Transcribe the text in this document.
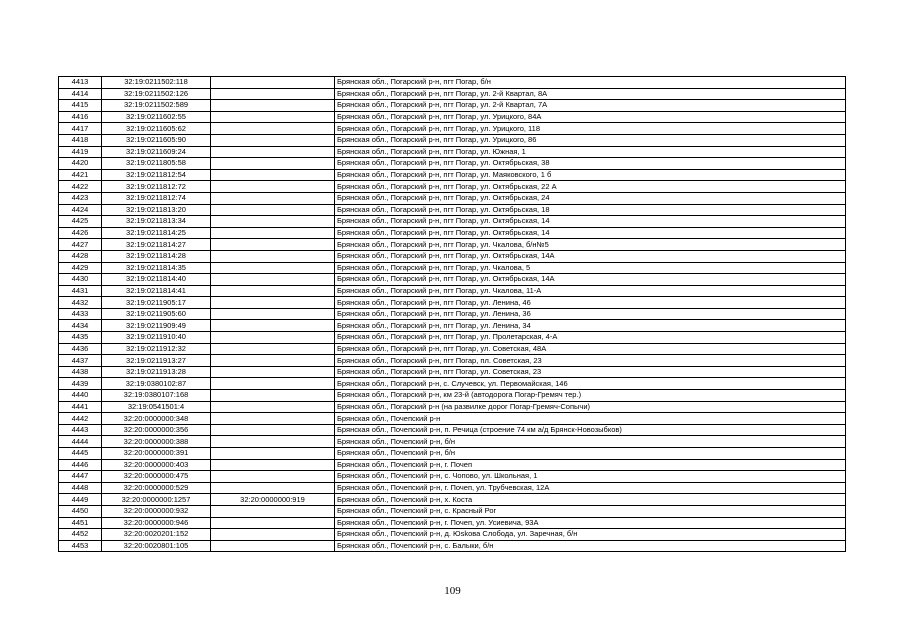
4413	32:19:0211502:118		Брянская обл., Погарский р-н, пгт Погар, б/н
4414	32:19:0211502:126		Брянская обл., Погарский р-н, пгт Погар, ул. 2-й Квартал, 8А
4415	32:19:0211502:589		Брянская обл., Погарский р-н, пгт Погар, ул. 2-й Квартал, 7А
4416	32:19:0211602:55		Брянская обл., Погарский р-н, пгт Погар, ул. Урицкого, 84А
4417	32:19:0211605:62		Брянская обл., Погарский р-н, пгт Погар, ул. Урицкого, 118
4418	32:19:0211605:90		Брянская обл., Погарский р-н, пгт Погар, ул. Урицкого, 86
4419	32:19:0211609:24		Брянская обл., Погарский р-н, пгт Погар, ул. Южная, 1
4420	32:19:0211805:58		Брянская обл., Погарский р-н, пгт Погар, ул. Октябрьская, 38
4421	32:19:0211812:54		Брянская обл., Погарский р-н, пгт Погар, ул. Маяковского, 1 б
4422	32:19:0211812:72		Брянская обл., Погарский р-н, пгт Погар, ул. Октябрьская, 22 А
4423	32:19:0211812:74		Брянская обл., Погарский р-н, пгт Погар, ул. Октябрьская, 24
4424	32:19:0211813:20		Брянская обл., Погарский р-н, пгт Погар, ул. Октябрьская, 18
4425	32:19:0211813:34		Брянская обл., Погарский р-н, пгт Погар, ул. Октябрьская, 14
4426	32:19:0211814:25		Брянская обл., Погарский р-н, пгт Погар, ул. Октябрьская, 14
4427	32:19:0211814:27		Брянская обл., Погарский р-н, пгт Погар, ул. Чкалова, б/н№5
4428	32:19:0211814:28		Брянская обл., Погарский р-н, пгт Погар, ул. Октябрьская, 14А
4429	32:19:0211814:35		Брянская обл., Погарский р-н, пгт Погар, ул. Чкалова, 5
4430	32:19:0211814:40		Брянская обл., Погарский р-н, пгт Погар, ул. Октябрьская, 14А
4431	32:19:0211814:41		Брянская обл., Погарский р-н, пгт Погар, ул. Чкалова, 11-А
4432	32:19:0211905:17		Брянская обл., Погарский р-н, пгт Погар, ул. Ленина, 46
4433	32:19:0211905:60		Брянская обл., Погарский р-н, пгт Погар, ул. Ленина, 36
4434	32:19:0211909:49		Брянская обл., Погарский р-н, пгт Погар, ул. Ленина, 34
4435	32:19:0211910:40		Брянская обл., Погарский р-н, пгт Погар, ул. Пролетарская, 4-А
4436	32:19:0211912:32		Брянская обл., Погарский р-н, пгт Погар, ул. Советская, 48А
4437	32:19:0211913:27		Брянская обл., Погарский р-н, пгт Погар, пл. Советская, 23
4438	32:19:0211913:28		Брянская обл., Погарский р-н, пгт Погар, ул. Советская, 23
4439	32:19:0380102:87		Брянская обл., Погарский р-н, с. Случевск, ул. Первомайская, 146
4440	32:19:0380107:168		Брянская обл., Погарский р-н, км 23-й (автодорога Погар-Гремяч тер.)
4441	32:19:0541501:4		Брянская обл., Погарский р-н (на развилке дорог Погар-Гремяч-Сопычи)
4442	32:20:0000000:348		Брянская обл., Почепский р-н
4443	32:20:0000000:356		Брянская обл., Почепский р-н, п. Речица (строение 74 км а/д Брянск-Новозыбков)
4444	32:20:0000000:388		Брянская обл., Почепский р-н, б/н
4445	32:20:0000000:391		Брянская обл., Почепский р-н, б/н
4446	32:20:0000000:403		Брянская обл., Почепский р-н, г. Почеп
4447	32:20:0000000:475		Брянская обл., Почепский р-н, с. Чопово, ул. Школьная, 1
4448	32:20:0000000:529		Брянская обл., Почепский р-н, г. Почеп, ул. Трубчевская, 12А
4449	32:20:0000000:1257	32:20:0000000:919	Брянская обл., Почепский р-н, х. Коста
4450	32:20:0000000:932		Брянская обл., Почепский р-н, с. Красный Рог
4451	32:20:0000000:946		Брянская обл., Почепский р-н, г. Почеп, ул. Усиевича, 93А
4452	32:20:0020201:152		Брянская обл., Почепский р-н, д. Юskова Слобода, ул. Заречная, б/н
4453	32:20:0020801:105		Брянская обл., Почепский р-н, с. Балыки, б/н
109
